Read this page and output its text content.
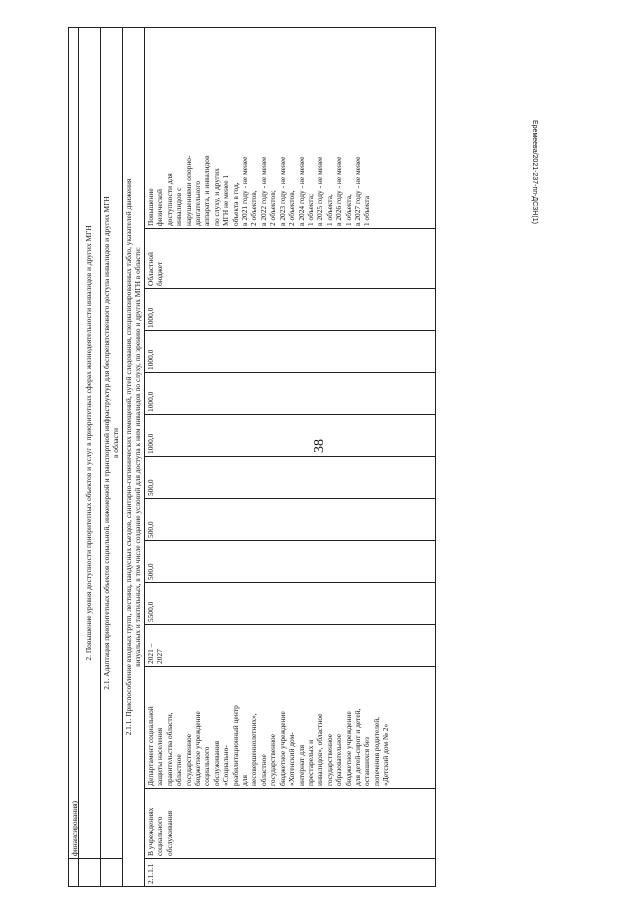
38
Еремеева/2021-237-пп-ДСЗН(1)
финансирования)
2. Повышение уровня доступности приоритетных объектов и услуг в приоритетных сферах жизнедеятельности инвалидов и других МГН	2.1. Адаптация приоритетных объектов социальной, инженерной и транспортной инфраструктур для беспрепятственного доступа инвалидов и других МГН в области 2.1.1. Приспособление входных групп, лестниц, пандусных съездов, санитарно-гигиенических помещений, путей следования, специализированных табло, указателей движения визуальных и тактильных, в том числе создание условий для доступа к ним инвалидов по слуху, по зрению и других МГН в области:
2.1.1.1
В учреждениях социального обслуживания
Департамент социальной защиты населения правительства области, областное государственное бюджетное учреждение социального обслуживания «Социально- реабилитационный центр для несовершеннолетних», областное государственное бюджетное учреждение «Хотенский дом- интернат для престарелых и инвалидов», областное государственное образовательное бюджетное учреждение для детей-сирот и детей, оставшихся без попечения родителей, «Детский дом № 2»
2021 – 2027
5500,0
500,0
500,0
500,0
1000,0
1000,0
1000,0
1000,0
Областной бюджет
Повышение физической доступности для инвалидов с нарушениями опорно- двигательного аппарата, и инвалидов по слуху, и других МГН не менее 1 объекта в год, в 2021 году - не менее 2 объектов, в 2022 году - не менее 2 объектов; в 2023 году - не менее 2 объектов, в 2024 году - не менее 1 объекта; в 2025 году - не менее 1 объекта, в 2026 году - не менее 1 объекта, в 2027 году - не менее 1 объекта
